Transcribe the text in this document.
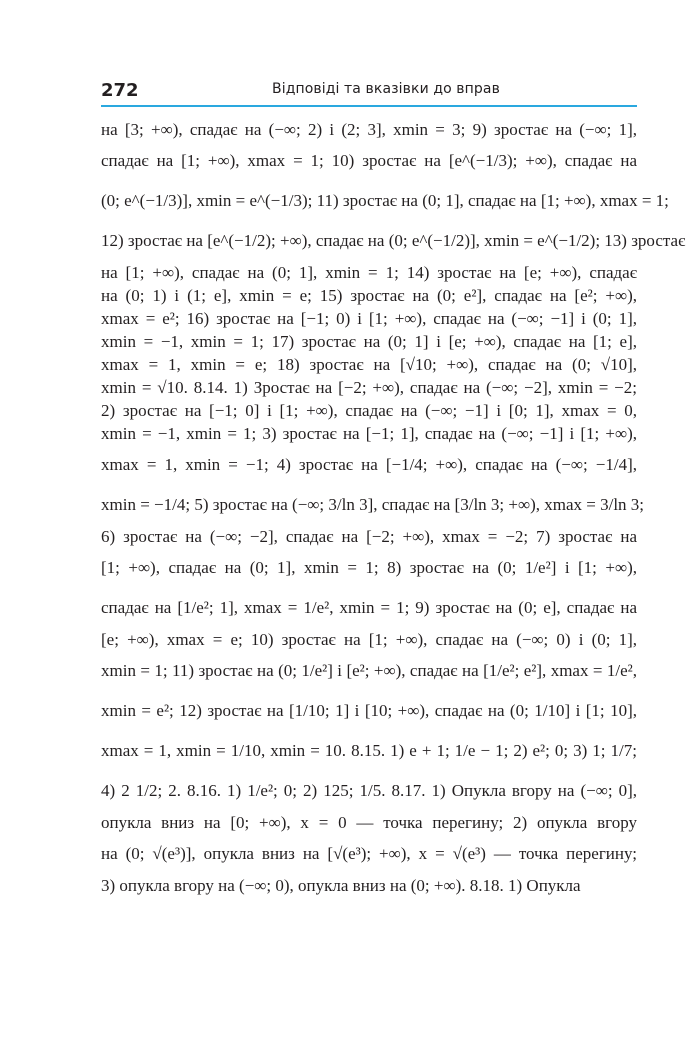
272	Відповіді та вказівки до вправ
на [3; +∞), спадає на (−∞; 2) і (2; 3], xmin = 3; 9) зростає на (−∞; 1],
спадає на [1; +∞), xmax = 1; 10) зростає на [e^(−1/3); +∞), спадає на
(0; e^(−1/3)], xmin = e^(−1/3); 11) зростає на (0; 1], спадає на [1; +∞), xmax = 1;
12) зростає на [e^(−1/2); +∞), спадає на (0; e^(−1/2)], xmin = e^(−1/2); 13) зростає
на [1; +∞), спадає на (0; 1], xmin = 1; 14) зростає на [e; +∞), спадає
на (0; 1) і (1; e], xmin = e; 15) зростає на (0; e²], спадає на [e²; +∞),
xmax = e²; 16) зростає на [−1; 0) і [1; +∞), спадає на (−∞; −1] і (0; 1],
xmin = −1, xmin = 1; 17) зростає на (0; 1] і [e; +∞), спадає на [1; e],
xmax = 1, xmin = e; 18) зростає на [√10; +∞), спадає на (0; √10],
xmin = √10. 8.14. 1) Зростає на [−2; +∞), спадає на (−∞; −2], xmin = −2;
2) зростає на [−1; 0] і [1; +∞), спадає на (−∞; −1] і [0; 1], xmax = 0,
xmin = −1, xmin = 1; 3) зростає на [−1; 1], спадає на (−∞; −1] і [1; +∞),
xmax = 1, xmin = −1; 4) зростає на [−1/4; +∞), спадає на (−∞; −1/4],
xmin = −1/4; 5) зростає на (−∞; 3/ln 3], спадає на [3/ln 3; +∞), xmax = 3/ln 3;
6) зростає на (−∞; −2], спадає на [−2; +∞), xmax = −2; 7) зростає на
[1; +∞), спадає на (0; 1], xmin = 1; 8) зростає на (0; 1/e²] і [1; +∞),
спадає на [1/e²; 1], xmax = 1/e², xmin = 1; 9) зростає на (0; e], спадає на
[e; +∞), xmax = e; 10) зростає на [1; +∞), спадає на (−∞; 0) і (0; 1],
xmin = 1; 11) зростає на (0; 1/e²] і [e²; +∞), спадає на [1/e²; e²], xmax = 1/e²,
xmin = e²; 12) зростає на [1/10; 1] і [10; +∞), спадає на (0; 1/10] і [1; 10],
xmax = 1, xmin = 1/10, xmin = 10. 8.15. 1) e + 1; 1/e − 1; 2) e²; 0; 3) 1; 1/7;
4) 2 1/2; 2. 8.16. 1) 1/e²; 0; 2) 125; 1/5. 8.17. 1) Опукла вгору на (−∞; 0],
опукла вниз на [0; +∞), x = 0 — точка перегину; 2) опукла вгору
на (0; √(e³)], опукла вниз на [√(e³); +∞), x = √(e³) — точка перегину;
3) опукла вгору на (−∞; 0), опукла вниз на (0; +∞). 8.18. 1) Опукла
